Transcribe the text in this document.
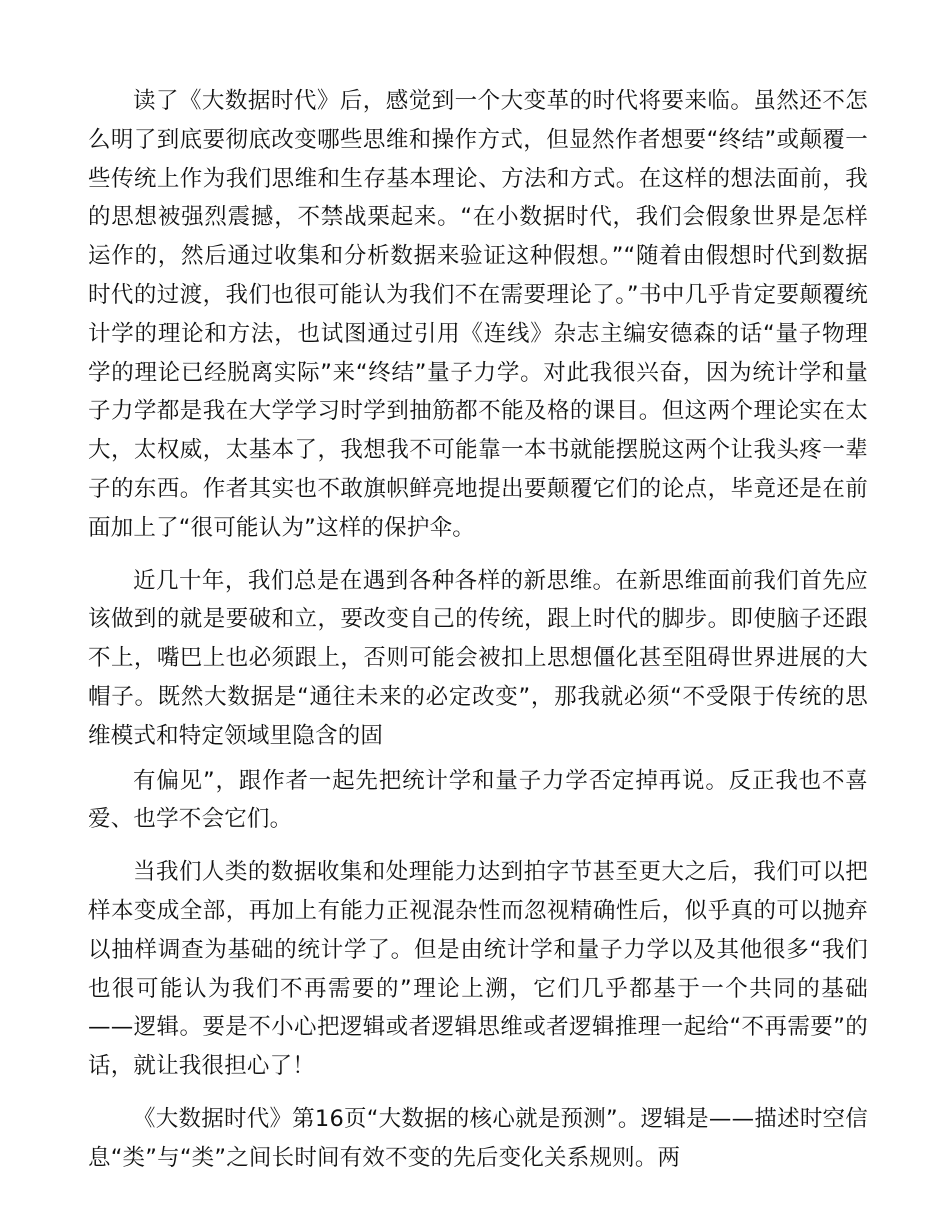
读了《大数据时代》后，感觉到一个大变革的时代将要来临。虽然还不怎么明了到底要彻底改变哪些思维和操作方式，但显然作者想要“终结”或颠覆一些传统上作为我们思维和生存基本理论、方法和方式。在这样的想法面前，我的思想被强烈震撼，不禁战栗起来。“在小数据时代，我们会假象世界是怎样运作的，然后通过收集和分析数据来验证这种假想。”“随着由假想时代到数据时代的过渡，我们也很可能认为我们不在需要理论了。”书中几乎肯定要颠覆统计学的理论和方法，也试图通过引用《连线》杂志主编安德森的话“量子物理学的理论已经脱离实际”来“终结”量子力学。对此我很兴奋，因为统计学和量子力学都是我在大学学习时学到抽筋都不能及格的课目。但这两个理论实在太大，太权威，太基本了，我想我不可能靠一本书就能摆脱这两个让我头疼一辈子的东西。作者其实也不敢旗帜鲜亮地提出要颠覆它们的论点，毕竟还是在前面加上了“很可能认为”这样的保护伞。

近几十年，我们总是在遇到各种各样的新思维。在新思维面前我们首先应该做到的就是要破和立，要改变自己的传统，跟上时代的脚步。即使脑子还跟不上，嘴巴上也必须跟上，否则可能会被扣上思想僵化甚至阻碍世界进展的大帽子。既然大数据是“通往未来的必定改变”，那我就必须“不受限于传统的思维模式和特定领域里隐含的固

有偏见”，跟作者一起先把统计学和量子力学否定掉再说。反正我也不喜爱、也学不会它们。

当我们人类的数据收集和处理能力达到拍字节甚至更大之后，我们可以把样本变成全部，再加上有能力正视混杂性而忽视精确性后，似乎真的可以抛弃以抽样调查为基础的统计学了。但是由统计学和量子力学以及其他很多“我们也很可能认为我们不再需要的”理论上溯，它们几乎都基于一个共同的基础——逻辑。要是不小心把逻辑或者逻辑思维或者逻辑推理一起给“不再需要”的话，就让我很担心了！

《大数据时代》第16页“大数据的核心就是预测”。逻辑是——描述时空信息“类”与“类”之间长时间有效不变的先后变化关系规则。两
